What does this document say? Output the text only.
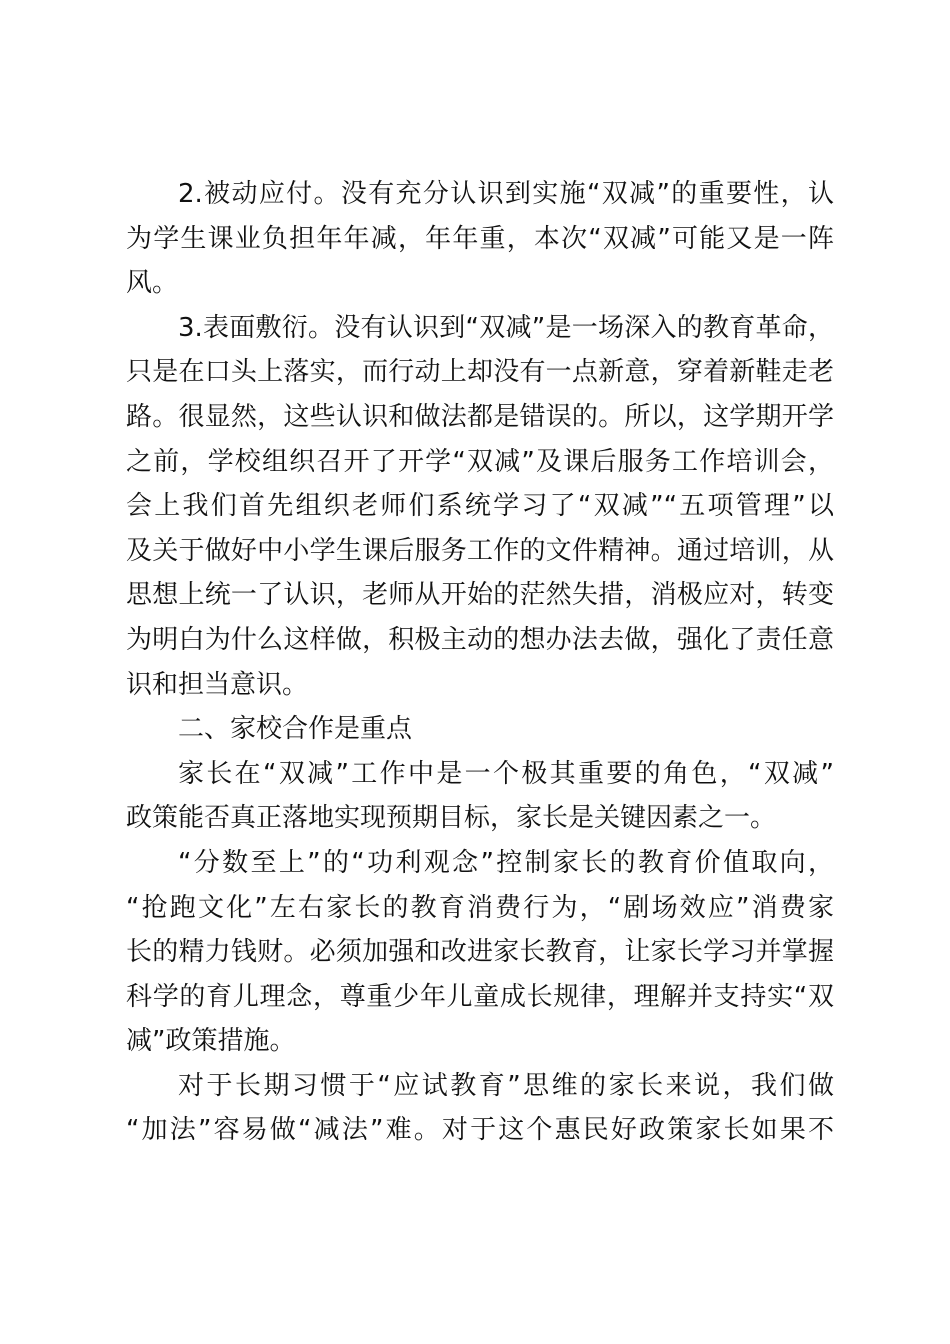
2.被动应付。没有充分认识到实施“双减”的重要性，认
为学生课业负担年年减，年年重，本次“双减”可能又是一阵
风。
3.表面敷衍。没有认识到“双减”是一场深入的教育革命，
只是在口头上落实，而行动上却没有一点新意，穿着新鞋走老
路。很显然，这些认识和做法都是错误的。所以，这学期开学
之前，学校组织召开了开学“双减”及课后服务工作培训会，
会上我们首先组织老师们系统学习了“双减”“五项管理”以
及关于做好中小学生课后服务工作的文件精神。通过培训，从
思想上统一了认识，老师从开始的茫然失措，消极应对，转变
为明白为什么这样做，积极主动的想办法去做，强化了责任意
识和担当意识。
二、家校合作是重点
家长在“双减”工作中是一个极其重要的角色，“双减”
政策能否真正落地实现预期目标，家长是关键因素之一。
“分数至上”的“功利观念”控制家长的教育价值取向，
“抢跑文化”左右家长的教育消费行为，“剧场效应”消费家
长的精力钱财。必须加强和改进家长教育，让家长学习并掌握
科学的育儿理念，尊重少年儿童成长规律，理解并支持实“双
减”政策措施。
对于长期习惯于“应试教育”思维的家长来说，我们做
“加法”容易做“减法”难。对于这个惠民好政策家长如果不
